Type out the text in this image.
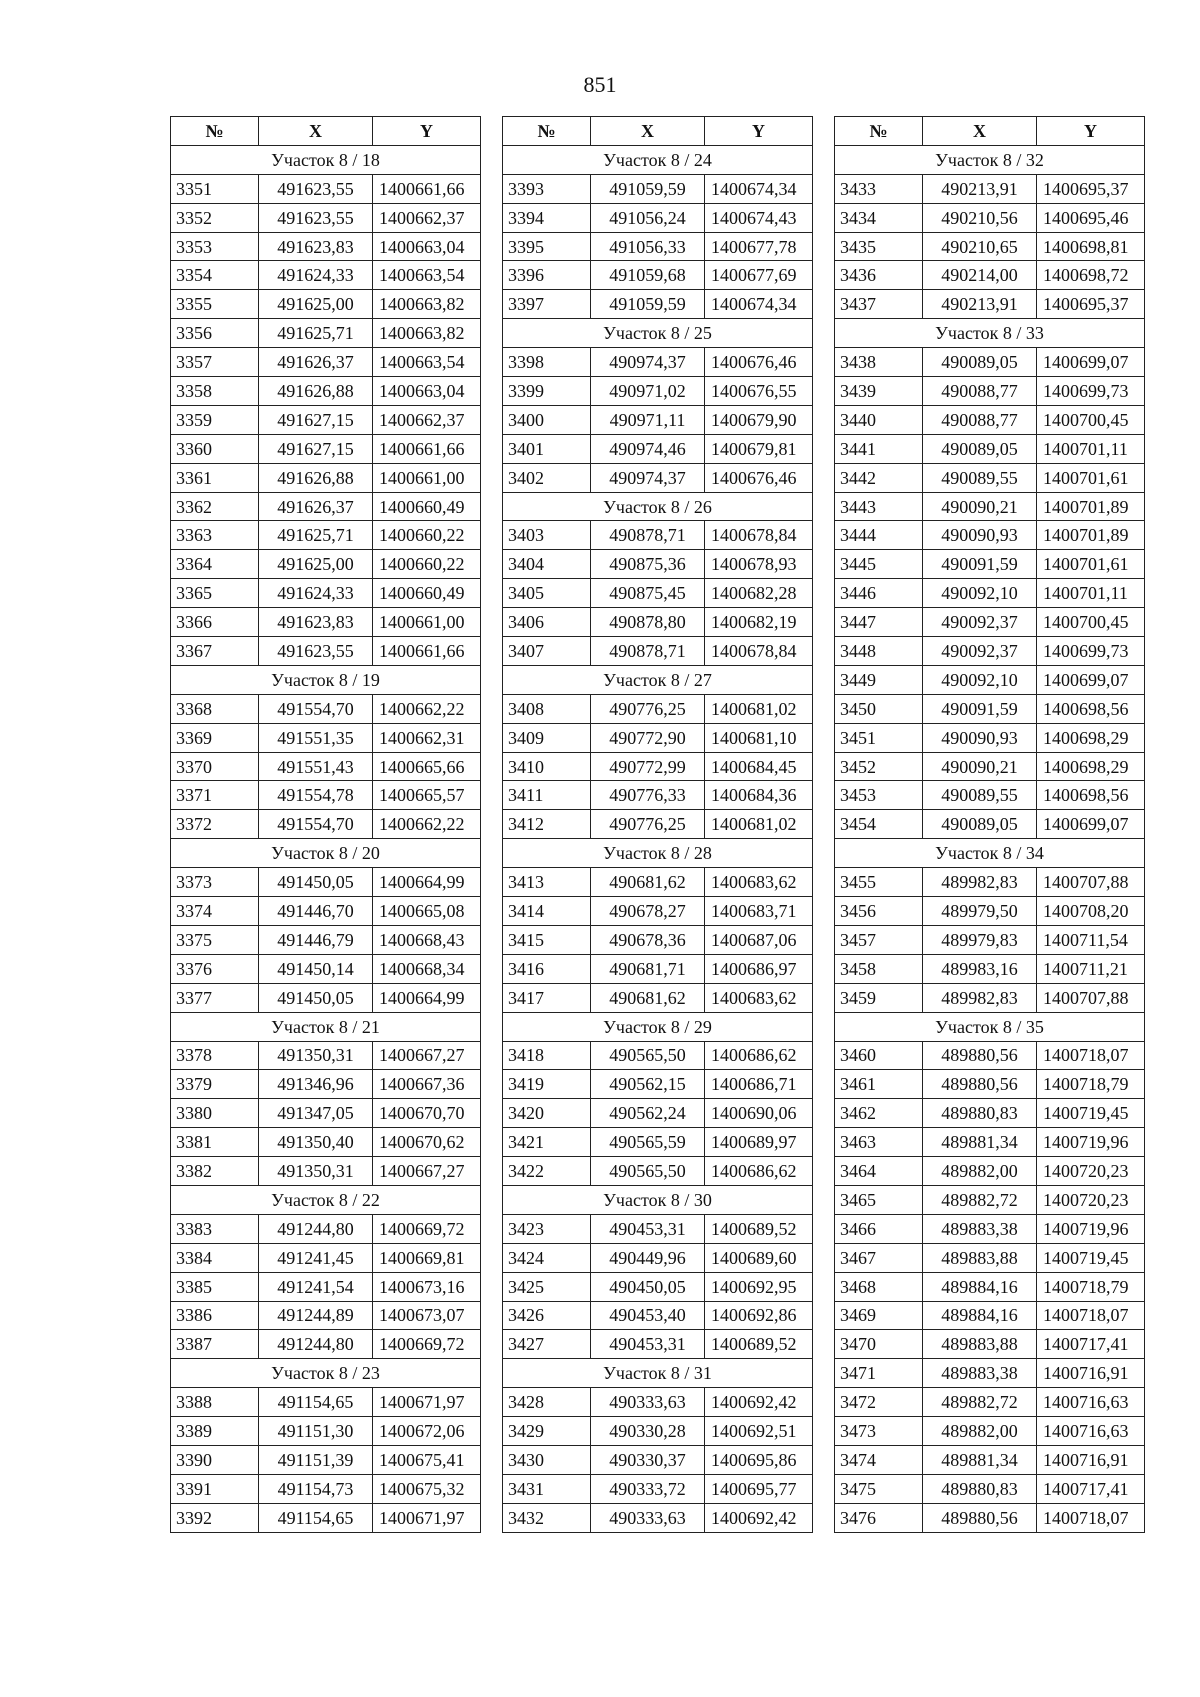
851
№	X	Y
Участок 8 / 18		
3351	491623,55	1400661,66
3352	491623,55	1400662,37
3353	491623,83	1400663,04
3354	491624,33	1400663,54
3355	491625,00	1400663,82
3356	491625,71	1400663,82
3357	491626,37	1400663,54
3358	491626,88	1400663,04
3359	491627,15	1400662,37
3360	491627,15	1400661,66
3361	491626,88	1400661,00
3362	491626,37	1400660,49
3363	491625,71	1400660,22
3364	491625,00	1400660,22
3365	491624,33	1400660,49
3366	491623,83	1400661,00
3367	491623,55	1400661,66
Участок 8 / 19		
3368	491554,70	1400662,22
3369	491551,35	1400662,31
3370	491551,43	1400665,66
3371	491554,78	1400665,57
3372	491554,70	1400662,22
Участок 8 / 20		
3373	491450,05	1400664,99
3374	491446,70	1400665,08
3375	491446,79	1400668,43
3376	491450,14	1400668,34
3377	491450,05	1400664,99
Участок 8 / 21		
3378	491350,31	1400667,27
3379	491346,96	1400667,36
3380	491347,05	1400670,70
3381	491350,40	1400670,62
3382	491350,31	1400667,27
Участок 8 / 22		
3383	491244,80	1400669,72
3384	491241,45	1400669,81
3385	491241,54	1400673,16
3386	491244,89	1400673,07
3387	491244,80	1400669,72
Участок 8 / 23		
3388	491154,65	1400671,97
3389	491151,30	1400672,06
3390	491151,39	1400675,41
3391	491154,73	1400675,32
3392	491154,65	1400671,97
№	X	Y
Участок 8 / 24		
3393	491059,59	1400674,34
3394	491056,24	1400674,43
3395	491056,33	1400677,78
3396	491059,68	1400677,69
3397	491059,59	1400674,34
Участок 8 / 25		
3398	490974,37	1400676,46
3399	490971,02	1400676,55
3400	490971,11	1400679,90
3401	490974,46	1400679,81
3402	490974,37	1400676,46
Участок 8 / 26		
3403	490878,71	1400678,84
3404	490875,36	1400678,93
3405	490875,45	1400682,28
3406	490878,80	1400682,19
3407	490878,71	1400678,84
Участок 8 / 27		
3408	490776,25	1400681,02
3409	490772,90	1400681,10
3410	490772,99	1400684,45
3411	490776,33	1400684,36
3412	490776,25	1400681,02
Участок 8 / 28		
3413	490681,62	1400683,62
3414	490678,27	1400683,71
3415	490678,36	1400687,06
3416	490681,71	1400686,97
3417	490681,62	1400683,62
Участок 8 / 29		
3418	490565,50	1400686,62
3419	490562,15	1400686,71
3420	490562,24	1400690,06
3421	490565,59	1400689,97
3422	490565,50	1400686,62
Участок 8 / 30		
3423	490453,31	1400689,52
3424	490449,96	1400689,60
3425	490450,05	1400692,95
3426	490453,40	1400692,86
3427	490453,31	1400689,52
Участок 8 / 31		
3428	490333,63	1400692,42
3429	490330,28	1400692,51
3430	490330,37	1400695,86
3431	490333,72	1400695,77
3432	490333,63	1400692,42
№	X	Y
Участок 8 / 32		
3433	490213,91	1400695,37
3434	490210,56	1400695,46
3435	490210,65	1400698,81
3436	490214,00	1400698,72
3437	490213,91	1400695,37
Участок 8 / 33		
3438	490089,05	1400699,07
3439	490088,77	1400699,73
3440	490088,77	1400700,45
3441	490089,05	1400701,11
3442	490089,55	1400701,61
3443	490090,21	1400701,89
3444	490090,93	1400701,89
3445	490091,59	1400701,61
3446	490092,10	1400701,11
3447	490092,37	1400700,45
3448	490092,37	1400699,73
3449	490092,10	1400699,07
3450	490091,59	1400698,56
3451	490090,93	1400698,29
3452	490090,21	1400698,29
3453	490089,55	1400698,56
3454	490089,05	1400699,07
Участок 8 / 34		
3455	489982,83	1400707,88
3456	489979,50	1400708,20
3457	489979,83	1400711,54
3458	489983,16	1400711,21
3459	489982,83	1400707,88
Участок 8 / 35		
3460	489880,56	1400718,07
3461	489880,56	1400718,79
3462	489880,83	1400719,45
3463	489881,34	1400719,96
3464	489882,00	1400720,23
3465	489882,72	1400720,23
3466	489883,38	1400719,96
3467	489883,88	1400719,45
3468	489884,16	1400718,79
3469	489884,16	1400718,07
3470	489883,88	1400717,41
3471	489883,38	1400716,91
3472	489882,72	1400716,63
3473	489882,00	1400716,63
3474	489881,34	1400716,91
3475	489880,83	1400717,41
3476	489880,56	1400718,07
